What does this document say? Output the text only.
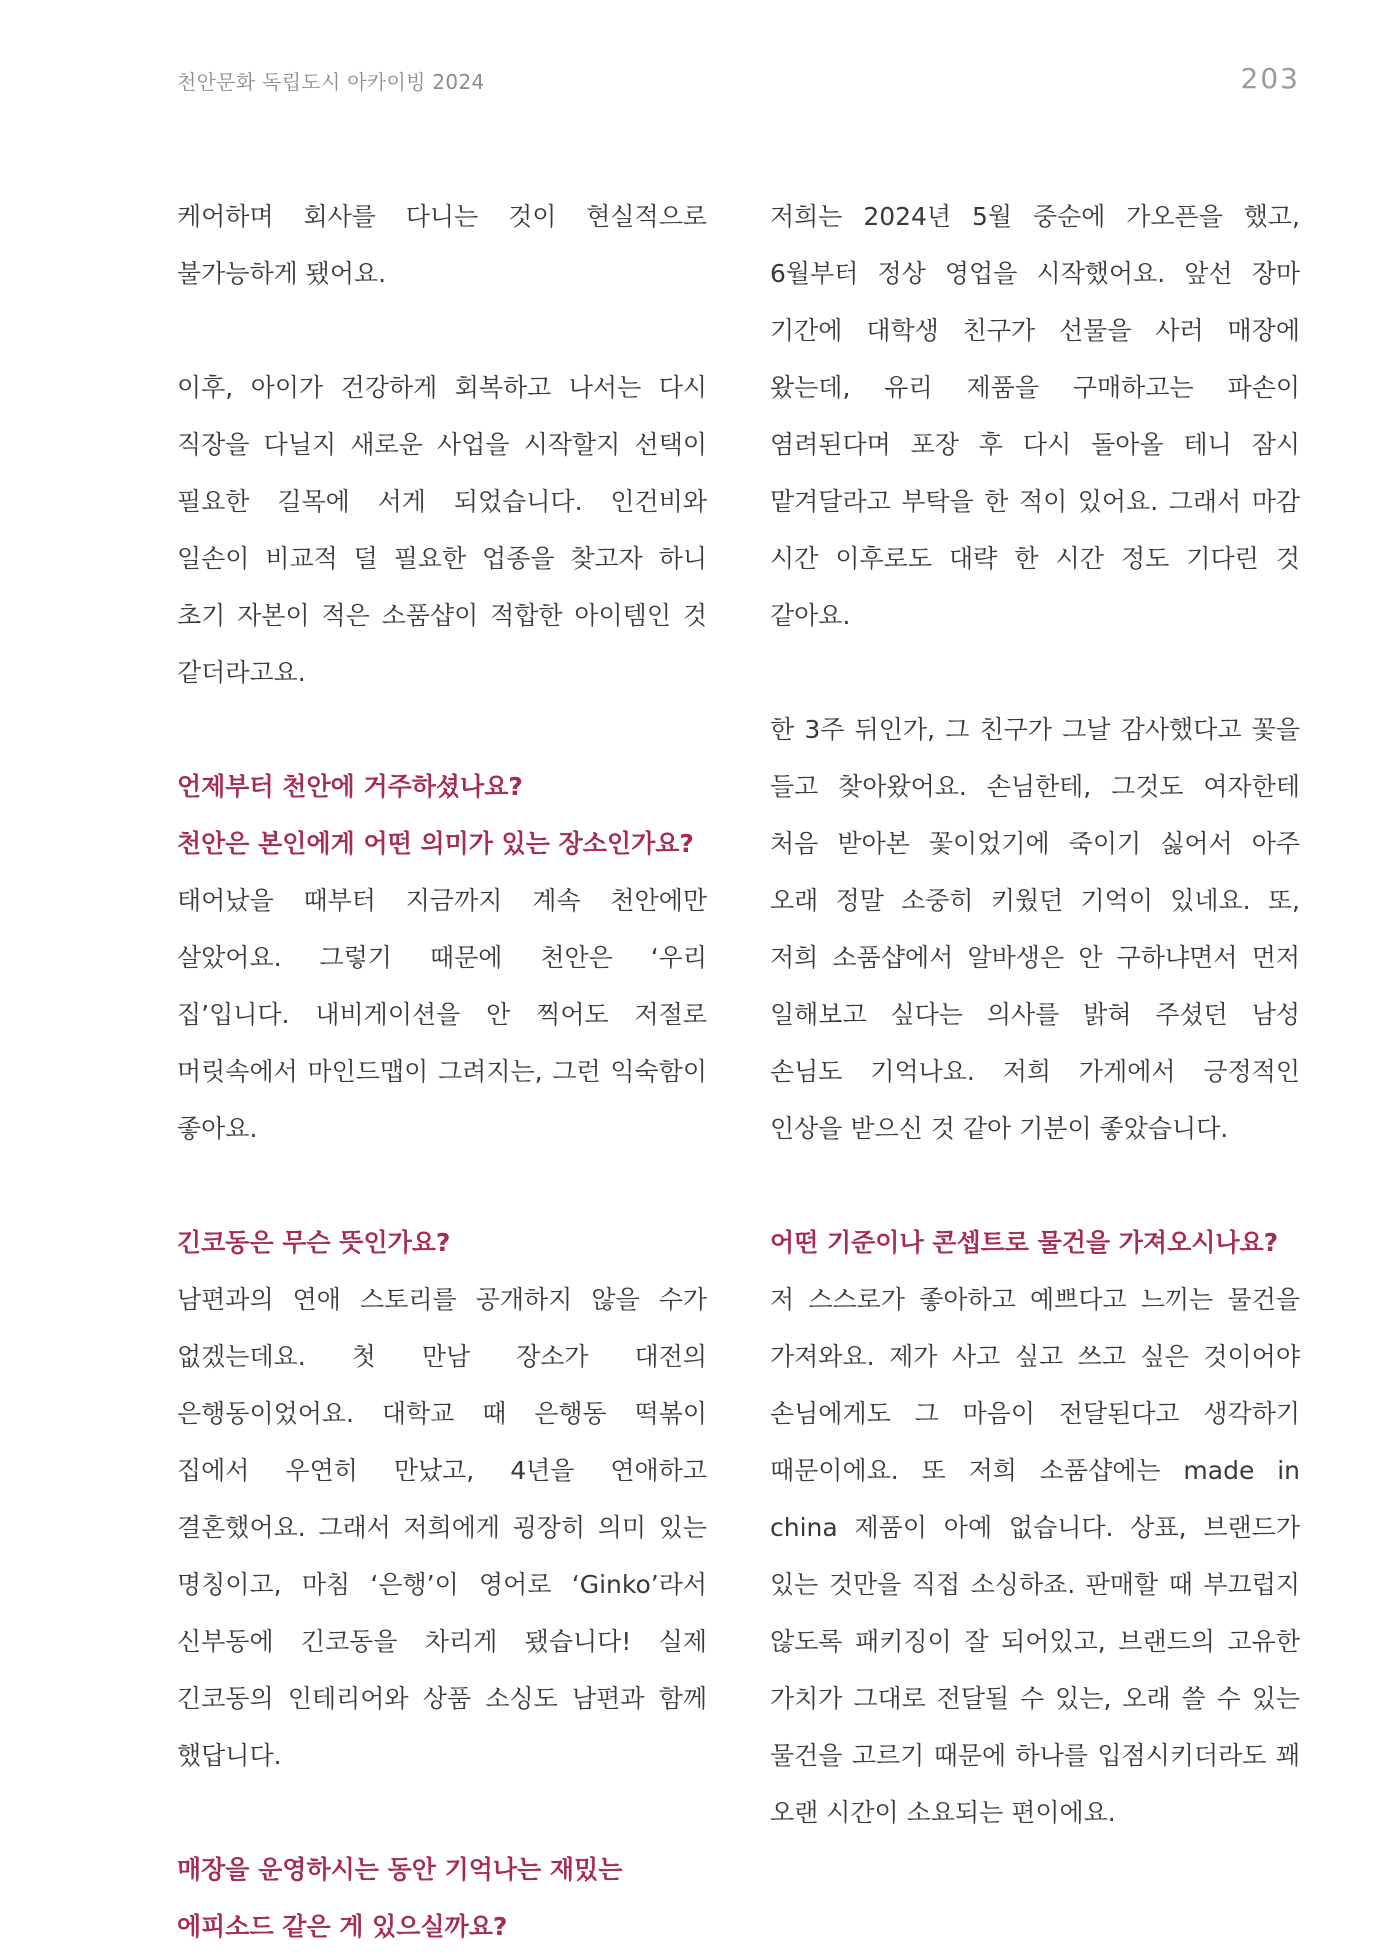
천안문화 독립도시 아카이빙 2024	203

케어하며 회사를 다니는 것이 현실적으로 불가능하게 됐어요.

이후, 아이가 건강하게 회복하고 나서는 다시 직장을 다닐지 새로운 사업을 시작할지 선택이 필요한 길목에 서게 되었습니다. 인건비와 일손이 비교적 덜 필요한 업종을 찾고자 하니 초기 자본이 적은 소품샵이 적합한 아이템인 것 같더라고요.

언제부터 천안에 거주하셨나요?

천안은 본인에게 어떤 의미가 있는 장소인가요?

태어났을 때부터 지금까지 계속 천안에만 살았어요. 그렇기 때문에 천안은 ‘우리 집’입니다. 내비게이션을 안 찍어도 저절로 머릿속에서 마인드맵이 그려지는, 그런 익숙함이 좋아요.

긴코동은 무슨 뜻인가요?

남편과의 연애 스토리를 공개하지 않을 수가 없겠는데요. 첫 만남 장소가 대전의 은행동이었어요. 대학교 때 은행동 떡볶이 집에서 우연히 만났고, 4년을 연애하고 결혼했어요. 그래서 저희에게 굉장히 의미 있는 명칭이고, 마침 ‘은행’이 영어로 ‘Ginko’라서 신부동에 긴코동을 차리게 됐습니다! 실제 긴코동의 인테리어와 상품 소싱도 남편과 함께 했답니다.

매장을 운영하시는 동안 기억나는 재밌는 에피소드 같은 게 있으실까요?

저희는 2024년 5월 중순에 가오픈을 했고, 6월부터 정상 영업을 시작했어요. 앞선 장마 기간에 대학생 친구가 선물을 사러 매장에 왔는데, 유리 제품을 구매하고는 파손이 염려된다며 포장 후 다시 돌아올 테니 잠시 맡겨달라고 부탁을 한 적이 있어요. 그래서 마감 시간 이후로도 대략 한 시간 정도 기다린 것 같아요.

한 3주 뒤인가, 그 친구가 그날 감사했다고 꽃을 들고 찾아왔어요. 손님한테, 그것도 여자한테 처음 받아본 꽃이었기에 죽이기 싫어서 아주 오래 정말 소중히 키웠던 기억이 있네요. 또, 저희 소품샵에서 알바생은 안 구하냐면서 먼저 일해보고 싶다는 의사를 밝혀 주셨던 남성 손님도 기억나요. 저희 가게에서 긍정적인 인상을 받으신 것 같아 기분이 좋았습니다.

어떤 기준이나 콘셉트로 물건을 가져오시나요?

저 스스로가 좋아하고 예쁘다고 느끼는 물건을 가져와요. 제가 사고 싶고 쓰고 싶은 것이어야 손님에게도 그 마음이 전달된다고 생각하기 때문이에요. 또 저희 소품샵에는 made in china 제품이 아예 없습니다. 상표, 브랜드가 있는 것만을 직접 소싱하죠. 판매할 때 부끄럽지 않도록 패키징이 잘 되어있고, 브랜드의 고유한 가치가 그대로 전달될 수 있는, 오래 쓸 수 있는 물건을 고르기 때문에 하나를 입점시키더라도 꽤 오랜 시간이 소요되는 편이에요.
